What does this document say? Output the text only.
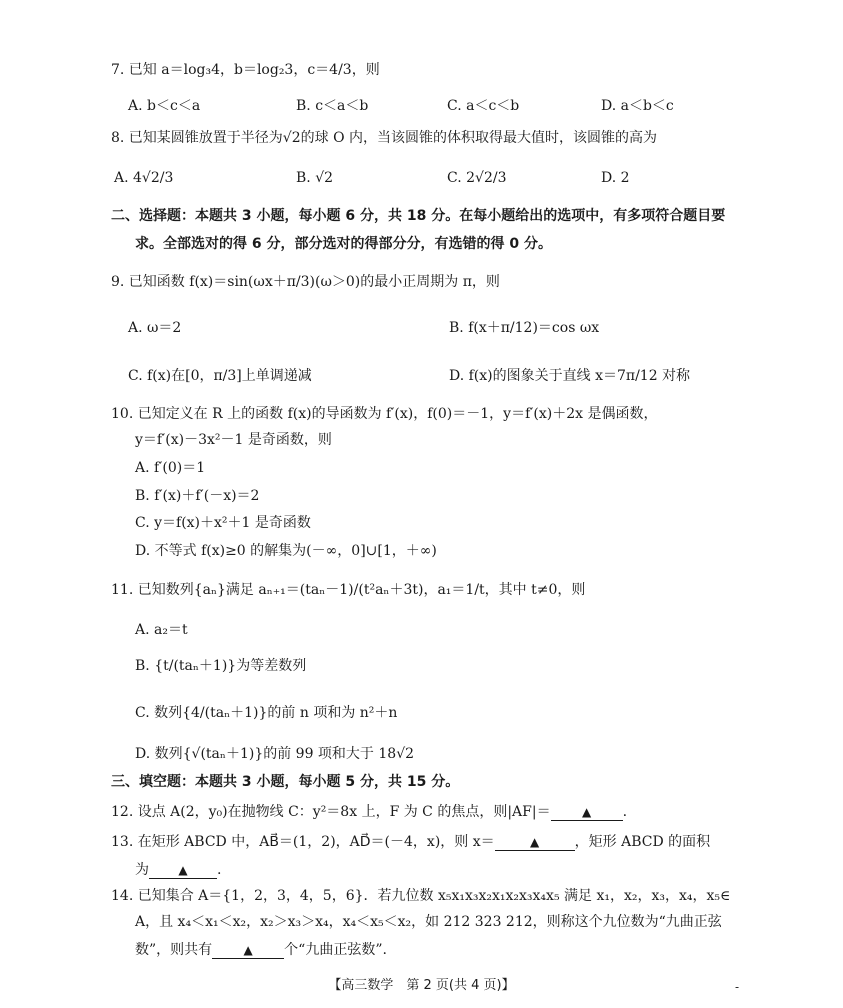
7. 已知 a＝log₃4，b＝log₂3，c＝4/3，则
A. b＜c＜a	B. c＜a＜b	C. a＜c＜b	D. a＜b＜c
8. 已知某圆锥放置于半径为√2的球 O 内，当该圆锥的体积取得最大值时，该圆锥的高为
A. 4√2/3	B. √2	C. 2√2/3	D. 2
二、选择题：本题共 3 小题，每小题 6 分，共 18 分。在每小题给出的选项中，有多项符合题目要
求。全部选对的得 6 分，部分选对的得部分分，有选错的得 0 分。
9. 已知函数 f(x)＝sin(ωx＋π/3)(ω＞0)的最小正周期为 π，则
A. ω＝2	B. f(x＋π/12)＝cos ωx
C. f(x)在[0，π/3]上单调递减	D. f(x)的图象关于直线 x＝7π/12 对称
10. 已知定义在 R 上的函数 f(x)的导函数为 f′(x)，f(0)＝－1，y＝f′(x)＋2x 是偶函数，
y＝f′(x)－3x²－1 是奇函数，则
A. f′(0)＝1
B. f′(x)＋f′(－x)＝2
C. y＝f(x)＋x²＋1 是奇函数
D. 不等式 f(x)≥0 的解集为(－∞，0]∪[1，＋∞)
11. 已知数列{aₙ}满足 aₙ₊₁＝(taₙ－1)/(t²aₙ＋3t)，a₁＝1/t，其中 t≠0，则
A. a₂＝t
B. {t/(taₙ＋1)}为等差数列
C. 数列{4/(taₙ＋1)}的前 n 项和为 n²＋n
D. 数列{√(taₙ＋1)}的前 99 项和大于 18√2
三、填空题：本题共 3 小题，每小题 5 分，共 15 分。
12. 设点 A(2，y₀)在抛物线 C：y²＝8x 上，F 为 C 的焦点，则|AF|＝	▲ .
13. 在矩形 ABCD 中，AB⃗＝(1，2)，AD⃗＝(－4，x)，则 x＝	▲	，矩形 ABCD 的面积
为 ▲ .
14. 已知集合 A＝{1，2，3，4，5，6}．若九位数 x₅x₁x₃x₂x₁x₂x₃x₄x₅ 满足 x₁，x₂，x₃，x₄，x₅∈
A，且 x₄＜x₁＜x₂，x₂＞x₃＞x₄，x₄＜x₅＜x₂，如 212 323 212，则称这个九位数为“九曲正弦
数”，则共有	▲ 个“九曲正弦数”.
【高三数学　第 2 页(共 4 页)】	-
